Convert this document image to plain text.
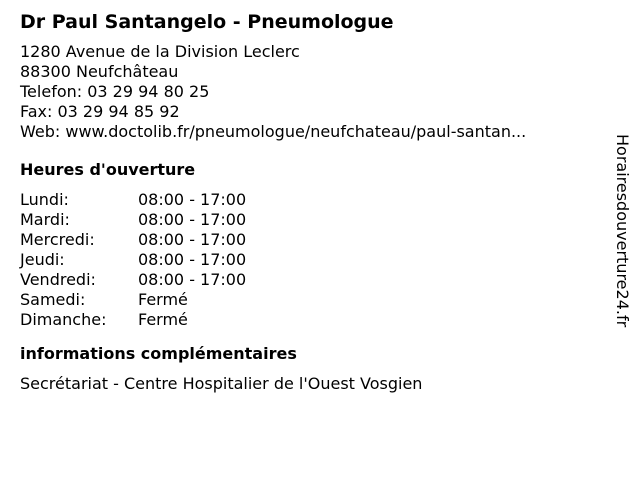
Dr Paul Santangelo - Pneumologue
1280 Avenue de la Division Leclerc
88300 Neufchâteau
Telefon: 03 29 94 80 25
Fax: 03 29 94 85 92
Web: www.doctolib.fr/pneumologue/neufchateau/paul-santan...
Heures d'ouverture
Lundi:	08:00 - 17:00
Mardi:	08:00 - 17:00
Mercredi:	08:00 - 17:00
Jeudi:	08:00 - 17:00
Vendredi:	08:00 - 17:00
Samedi:	Fermé
Dimanche:	Fermé
informations complémentaires
Secrétariat - Centre Hospitalier de l'Ouest Vosgien
Horairesdouverture24.fr
